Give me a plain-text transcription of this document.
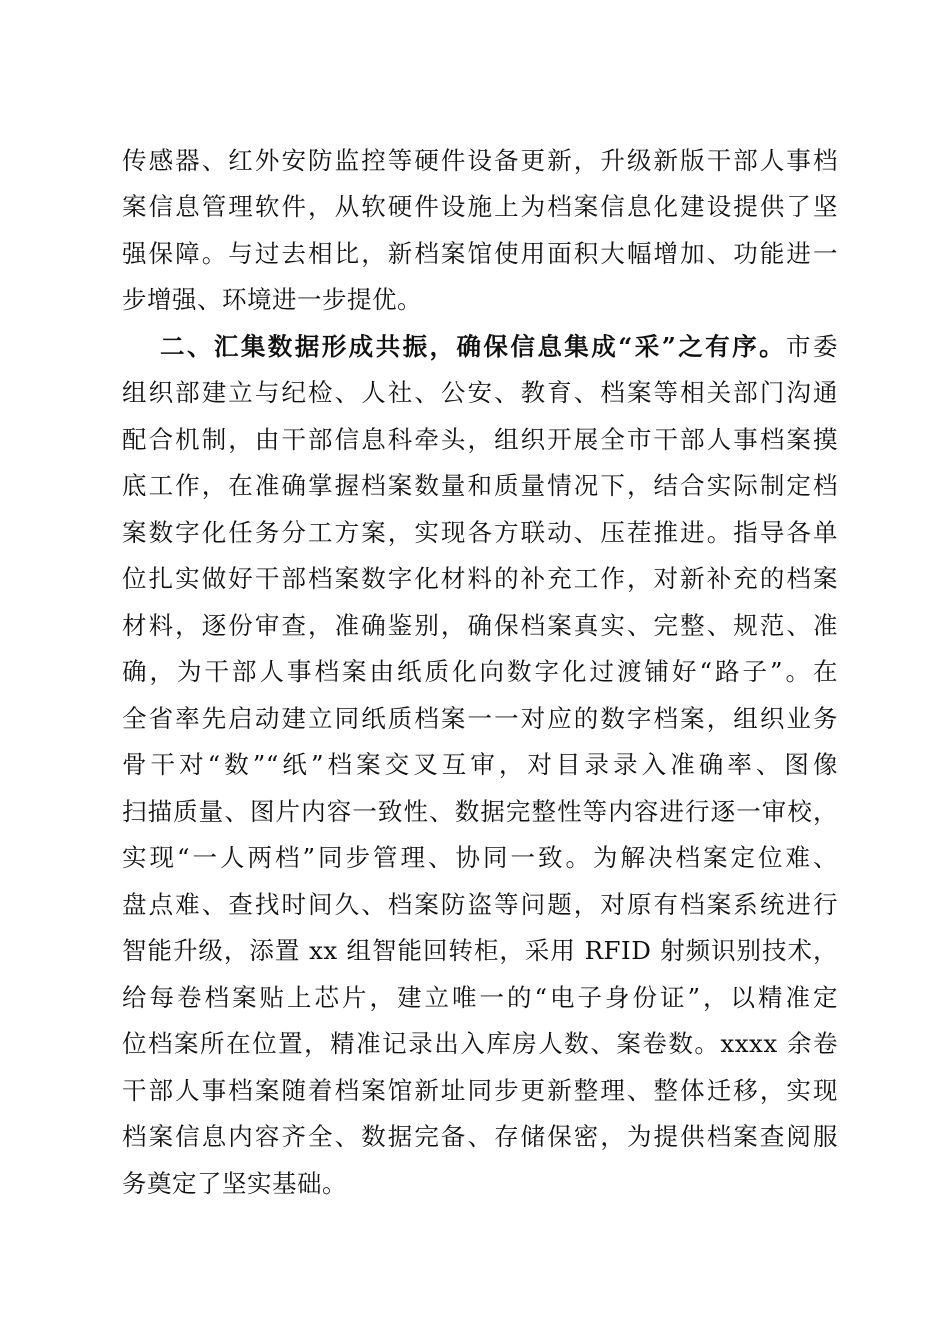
传感器、红外安防监控等硬件设备更新，升级新版干部人事档
案信息管理软件，从软硬件设施上为档案信息化建设提供了坚
强保障。与过去相比，新档案馆使用面积大幅增加、功能进一
步增强、环境进一步提优。
二、汇集数据形成共振，确保信息集成“采”之有序。市委
组织部建立与纪检、人社、公安、教育、档案等相关部门沟通
配合机制，由干部信息科牵头，组织开展全市干部人事档案摸
底工作，在准确掌握档案数量和质量情况下，结合实际制定档
案数字化任务分工方案，实现各方联动、压茬推进。指导各单
位扎实做好干部档案数字化材料的补充工作，对新补充的档案
材料，逐份审查，准确鉴别，确保档案真实、完整、规范、准
确，为干部人事档案由纸质化向数字化过渡铺好“路子”。在
全省率先启动建立同纸质档案一一对应的数字档案，组织业务
骨干对“数”“纸”档案交叉互审，对目录录入准确率、图像
扫描质量、图片内容一致性、数据完整性等内容进行逐一审校，
实现“一人两档”同步管理、协同一致。为解决档案定位难、
盘点难、查找时间久、档案防盗等问题，对原有档案系统进行
智能升级，添置 xx 组智能回转柜，采用 RFID 射频识别技术，
给每卷档案贴上芯片，建立唯一的“电子身份证”，以精准定
位档案所在位置，精准记录出入库房人数、案卷数。xxxx 余卷
干部人事档案随着档案馆新址同步更新整理、整体迁移，实现
档案信息内容齐全、数据完备、存储保密，为提供档案查阅服
务奠定了坚实基础。
